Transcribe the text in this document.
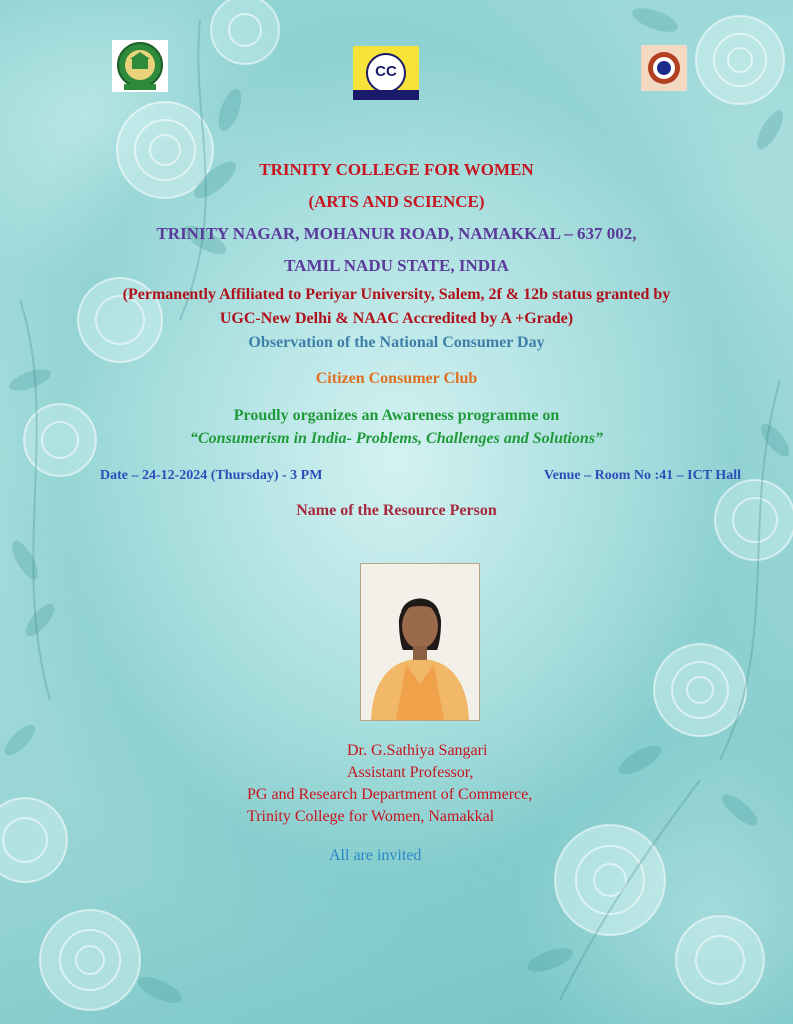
CC
TRINITY COLLEGE FOR WOMEN
(ARTS AND SCIENCE)
TRINITY NAGAR, MOHANUR ROAD, NAMAKKAL – 637 002,
TAMIL NADU STATE, INDIA
(Permanently Affiliated to Periyar University, Salem, 2f & 12b status granted by
UGC-New Delhi & NAAC Accredited by A +Grade)
Observation of the National Consumer Day
Citizen Consumer Club
Proudly organizes an Awareness programme on
“Consumerism in India- Problems, Challenges and Solutions”
Date – 24-12-2024 (Thursday) - 3 PM	Venue – Room No :41 – ICT Hall
Name of the Resource Person
Dr. G.Sathiya Sangari
Assistant Professor,
PG and Research Department of Commerce,
Trinity College for Women, Namakkal
All are invited
